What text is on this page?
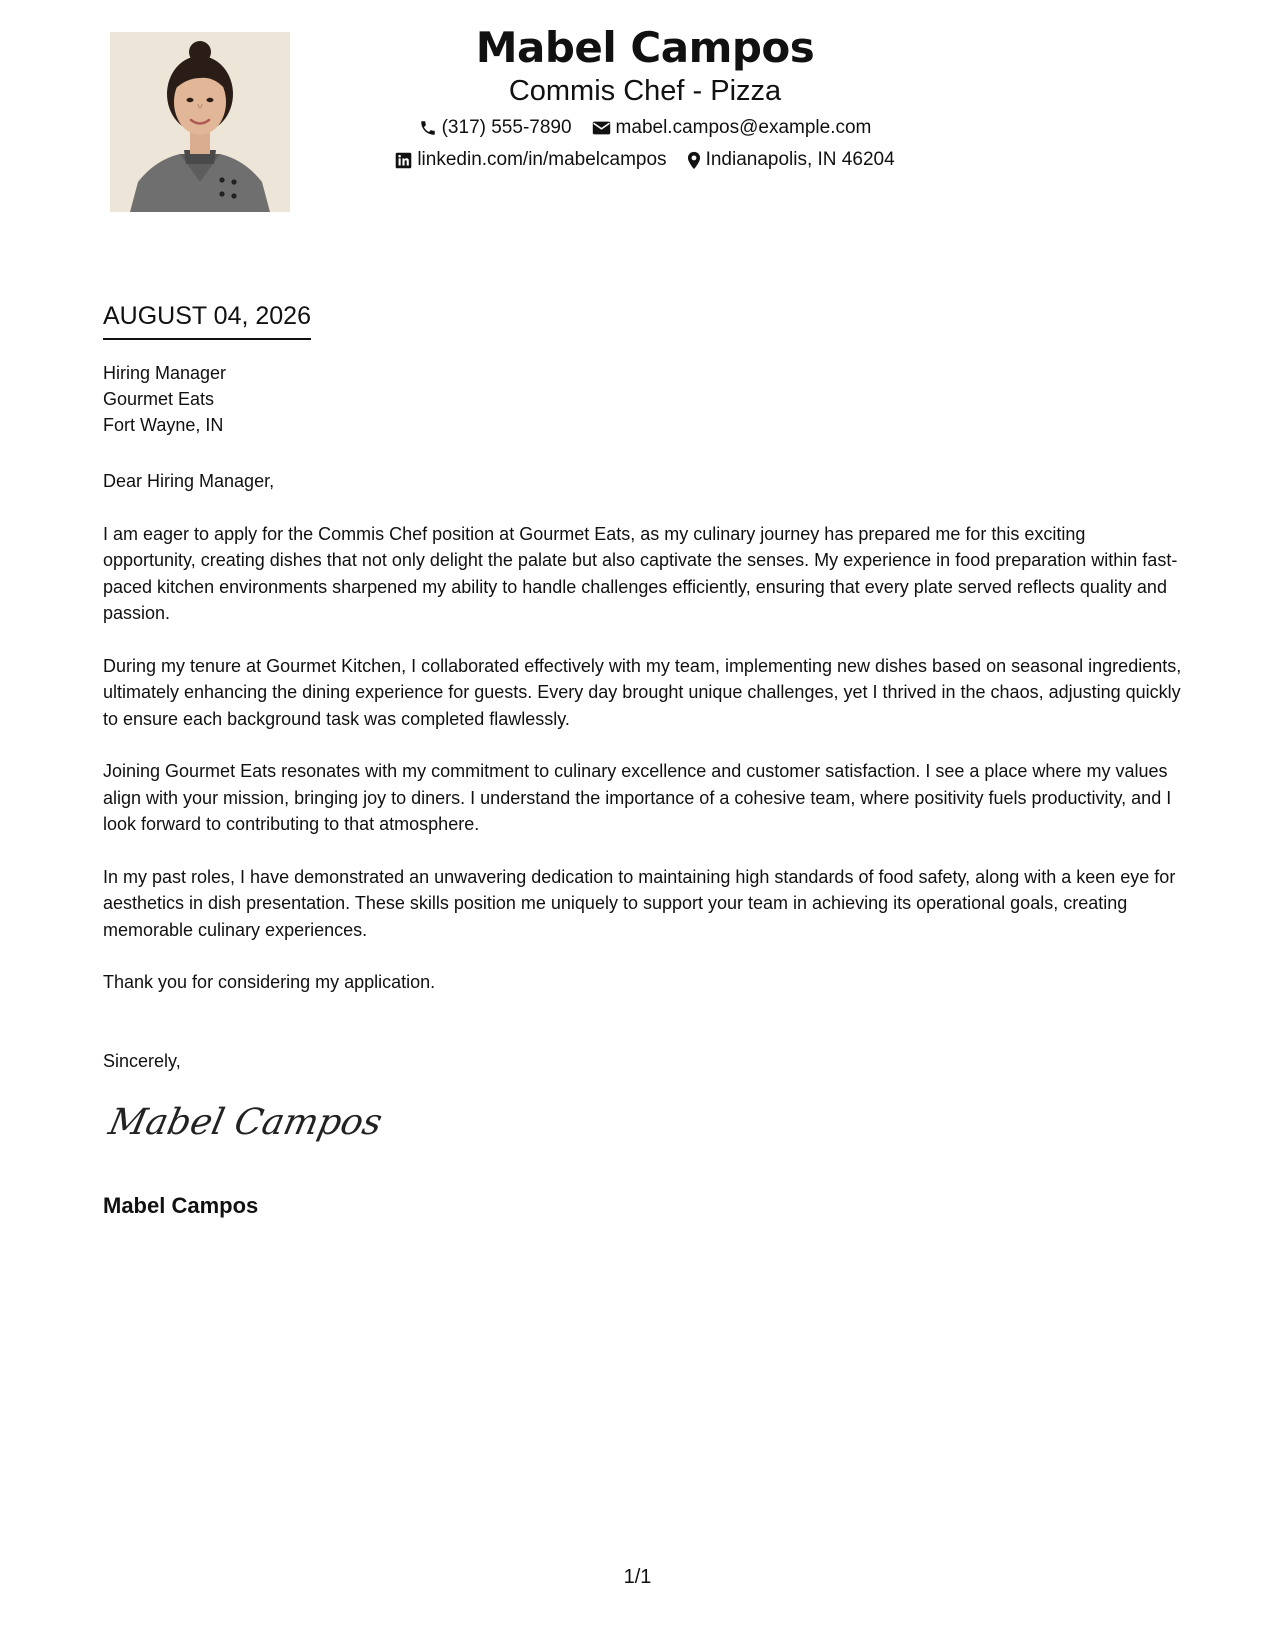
Mabel Campos
Commis Chef - Pizza
(317) 555-7890 mabel.campos@example.com
linkedin.com/in/mabelcampos Indianapolis, IN 46204
AUGUST 04, 2026
Hiring Manager
Gourmet Eats
Fort Wayne, IN

Dear Hiring Manager,

I am eager to apply for the Commis Chef position at Gourmet Eats, as my culinary journey has prepared me for this exciting opportunity, creating dishes that not only delight the palate but also captivate the senses. My experience in food preparation within fast-paced kitchen environments sharpened my ability to handle challenges efficiently, ensuring that every plate served reflects quality and passion.

During my tenure at Gourmet Kitchen, I collaborated effectively with my team, implementing new dishes based on seasonal ingredients, ultimately enhancing the dining experience for guests. Every day brought unique challenges, yet I thrived in the chaos, adjusting quickly to ensure each background task was completed flawlessly.

Joining Gourmet Eats resonates with my commitment to culinary excellence and customer satisfaction. I see a place where my values align with your mission, bringing joy to diners. I understand the importance of a cohesive team, where positivity fuels productivity, and I look forward to contributing to that atmosphere.

In my past roles, I have demonstrated an unwavering dedication to maintaining high standards of food safety, along with a keen eye for aesthetics in dish presentation. These skills position me uniquely to support your team in achieving its operational goals, creating memorable culinary experiences.

Thank you for considering my application.

Sincerely,
Mabel Campos
Mabel Campos
1/1
